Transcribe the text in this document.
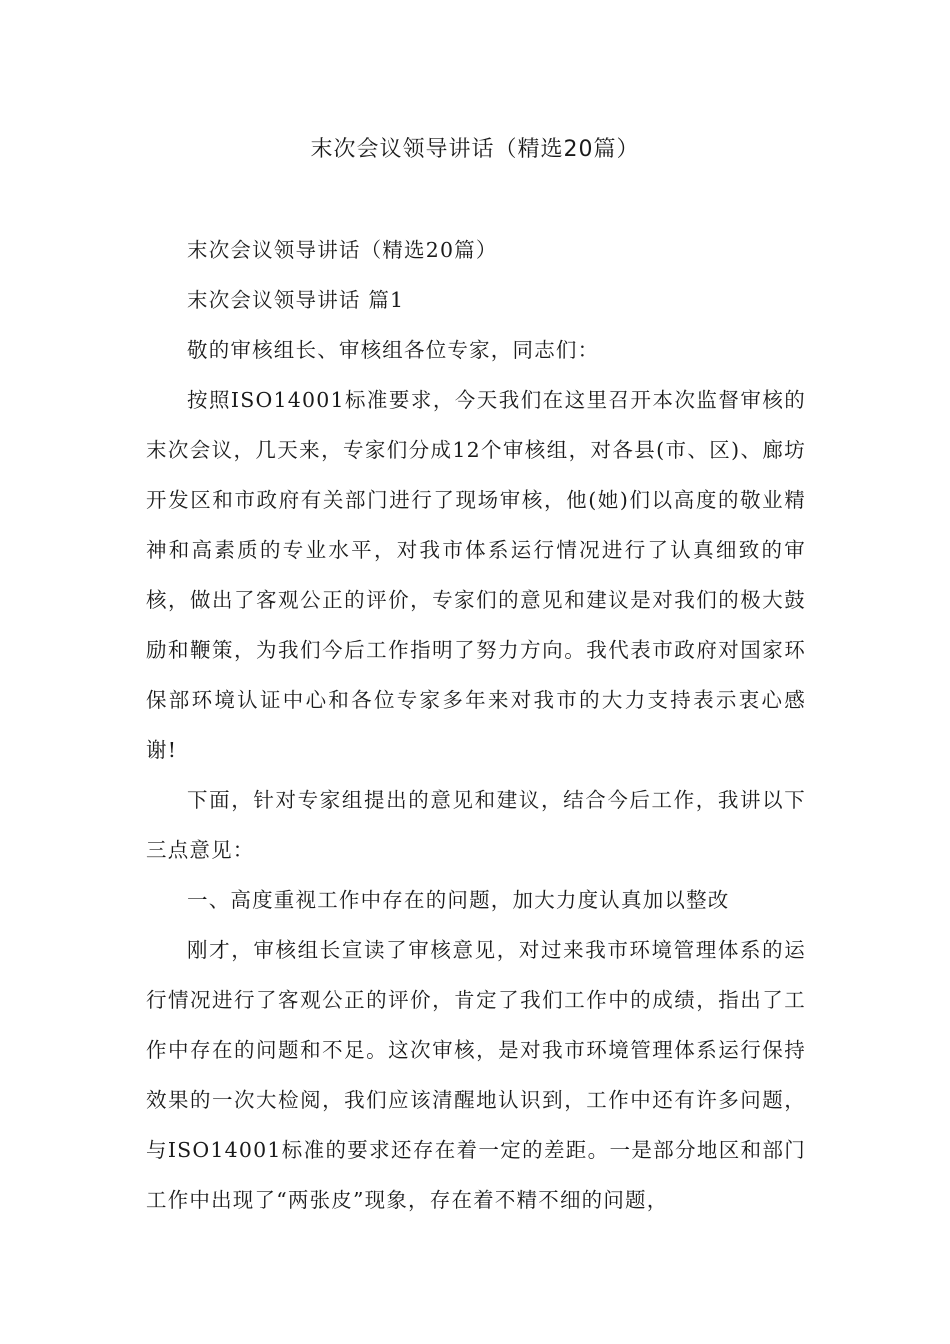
末次会议领导讲话（精选20篇）

末次会议领导讲话（精选20篇）

末次会议领导讲话 篇1

敬的审核组长、审核组各位专家，同志们：

按照ISO14001标准要求，今天我们在这里召开本次监督审核的末次会议，几天来，专家们分成12个审核组，对各县(市、区)、廊坊开发区和市政府有关部门进行了现场审核，他(她)们以高度的敬业精神和高素质的专业水平，对我市体系运行情况进行了认真细致的审核，做出了客观公正的评价，专家们的意见和建议是对我们的极大鼓励和鞭策，为我们今后工作指明了努力方向。我代表市政府对国家环保部环境认证中心和各位专家多年来对我市的大力支持表示衷心感谢!

下面，针对专家组提出的意见和建议，结合今后工作，我讲以下三点意见：

一、高度重视工作中存在的问题，加大力度认真加以整改

刚才，审核组长宣读了审核意见，对过来我市环境管理体系的运行情况进行了客观公正的评价，肯定了我们工作中的成绩，指出了工作中存在的问题和不足。这次审核，是对我市环境管理体系运行保持效果的一次大检阅，我们应该清醒地认识到，工作中还有许多问题，与ISO14001标准的要求还存在着一定的差距。一是部分地区和部门工作中出现了“两张皮”现象，存在着不精不细的问题，
